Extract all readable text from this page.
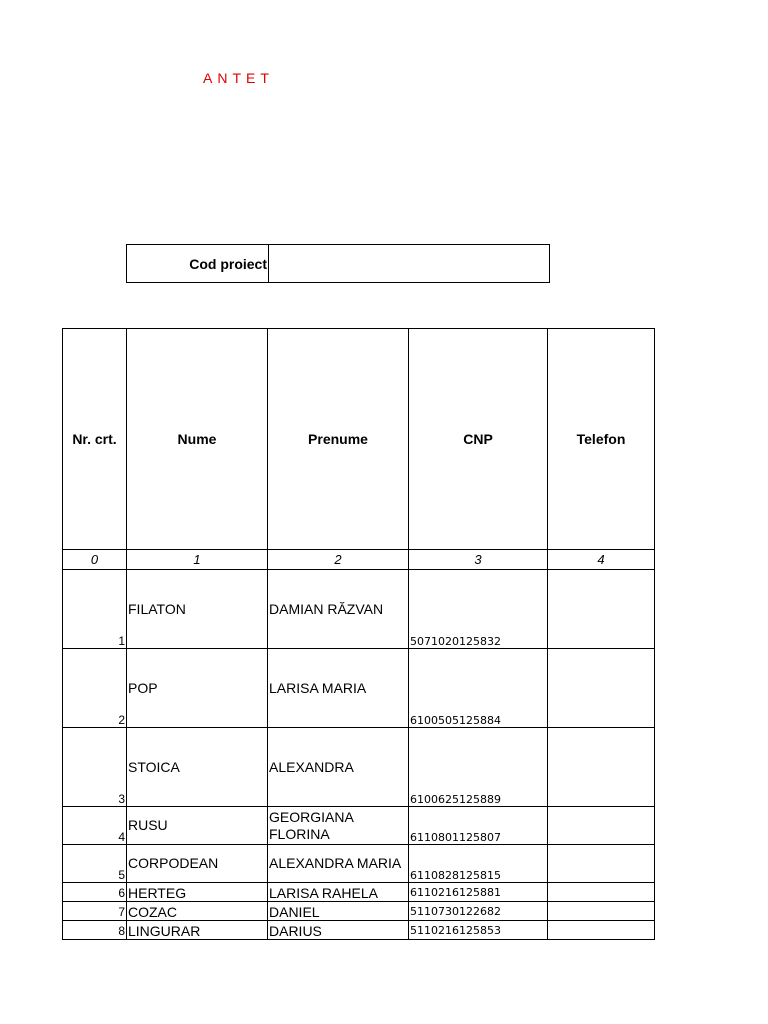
ANTET
Cod proiect	
Nr. crt.	Nume	Prenume	CNP	Telefon
0	1	2	3	4
1	FILATON	DAMIAN RĂZVAN	5071020125832	
2	POP	LARISA MARIA	6100505125884	
3	STOICA	ALEXANDRA	6100625125889	
4	RUSU	GEORGIANA FLORINA	6110801125807	
5	CORPODEAN	ALEXANDRA MARIA	6110828125815	
6	HERTEG	LARISA RAHELA	6110216125881	
7	COZAC	DANIEL	5110730122682	
8	LINGURAR	DARIUS	5110216125853	
